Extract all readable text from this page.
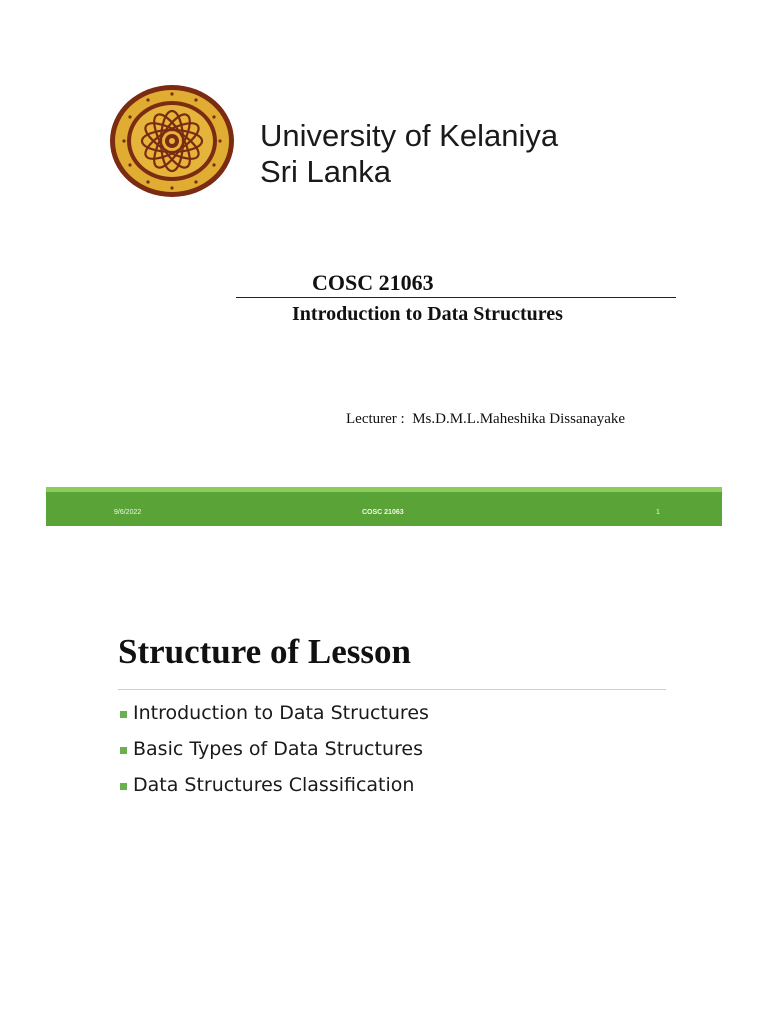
University of Kelaniya
Sri Lanka
COSC 21063
Introduction to Data Structures
Lecturer :  Ms.D.M.L.Maheshika Dissanayake
9/6/2022	COSC 21063	1
Structure of Lesson
Introduction to Data Structures
Basic Types of Data Structures
Data Structures Classification
